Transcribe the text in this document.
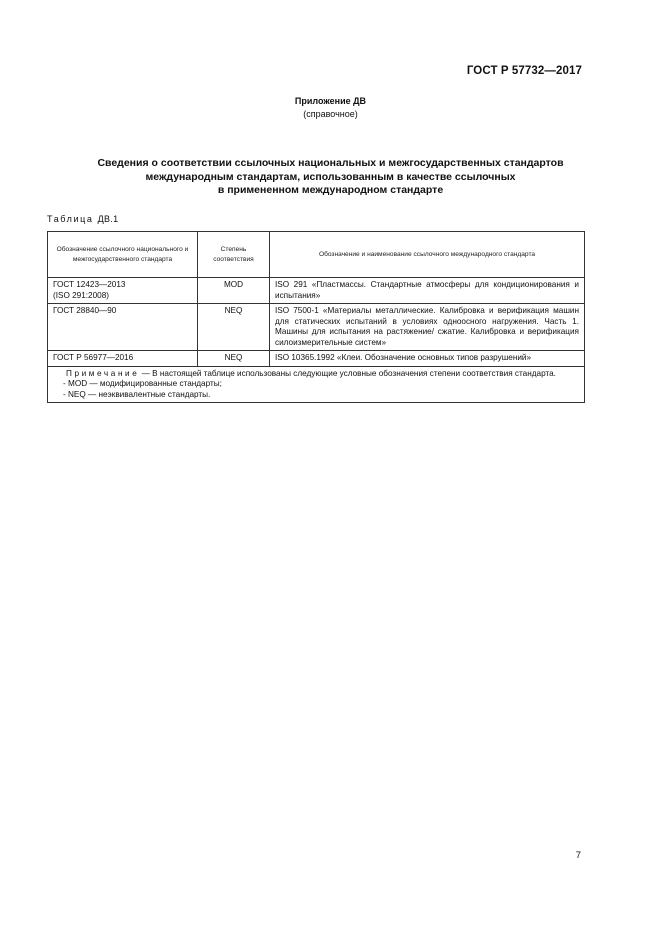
ГОСТ Р 57732—2017
Приложение ДВ
(справочное)
Сведения о соответствии ссылочных национальных и межгосударственных стандартов
международным стандартам, использованным в качестве ссылочных
в примененном международном стандарте
Таблица ДВ.1
Обозначение ссылочного национального и межгосударственного стандарта	Степень соответствия	Обозначение и наименование ссылочного международного стандарта

ГОСТ 12423—2013
(ISO 291:2008)	MOD	ISO 291 «Пластмассы. Стандартные атмосферы для кондиционирования и испытания»

ГОСТ 28840—90	NEQ	ISO 7500-1 «Материалы металлические. Калибровка и верификация машин для статических испытаний в условиях одноосного нагружения. Часть 1. Машины для испытания на растяжение/ сжатие. Калибровка и верификация силоизмерительные систем»

ГОСТ Р 56977—2016	NEQ	ISO 10365.1992 «Клеи. Обозначение основных типов разрушений»

Примечание — В настоящей таблице использованы следующие условные обозначения степени соответствия стандарта.
- MOD — модифицированные стандарты;
- NEQ — неэквивалентные стандарты.		
7
